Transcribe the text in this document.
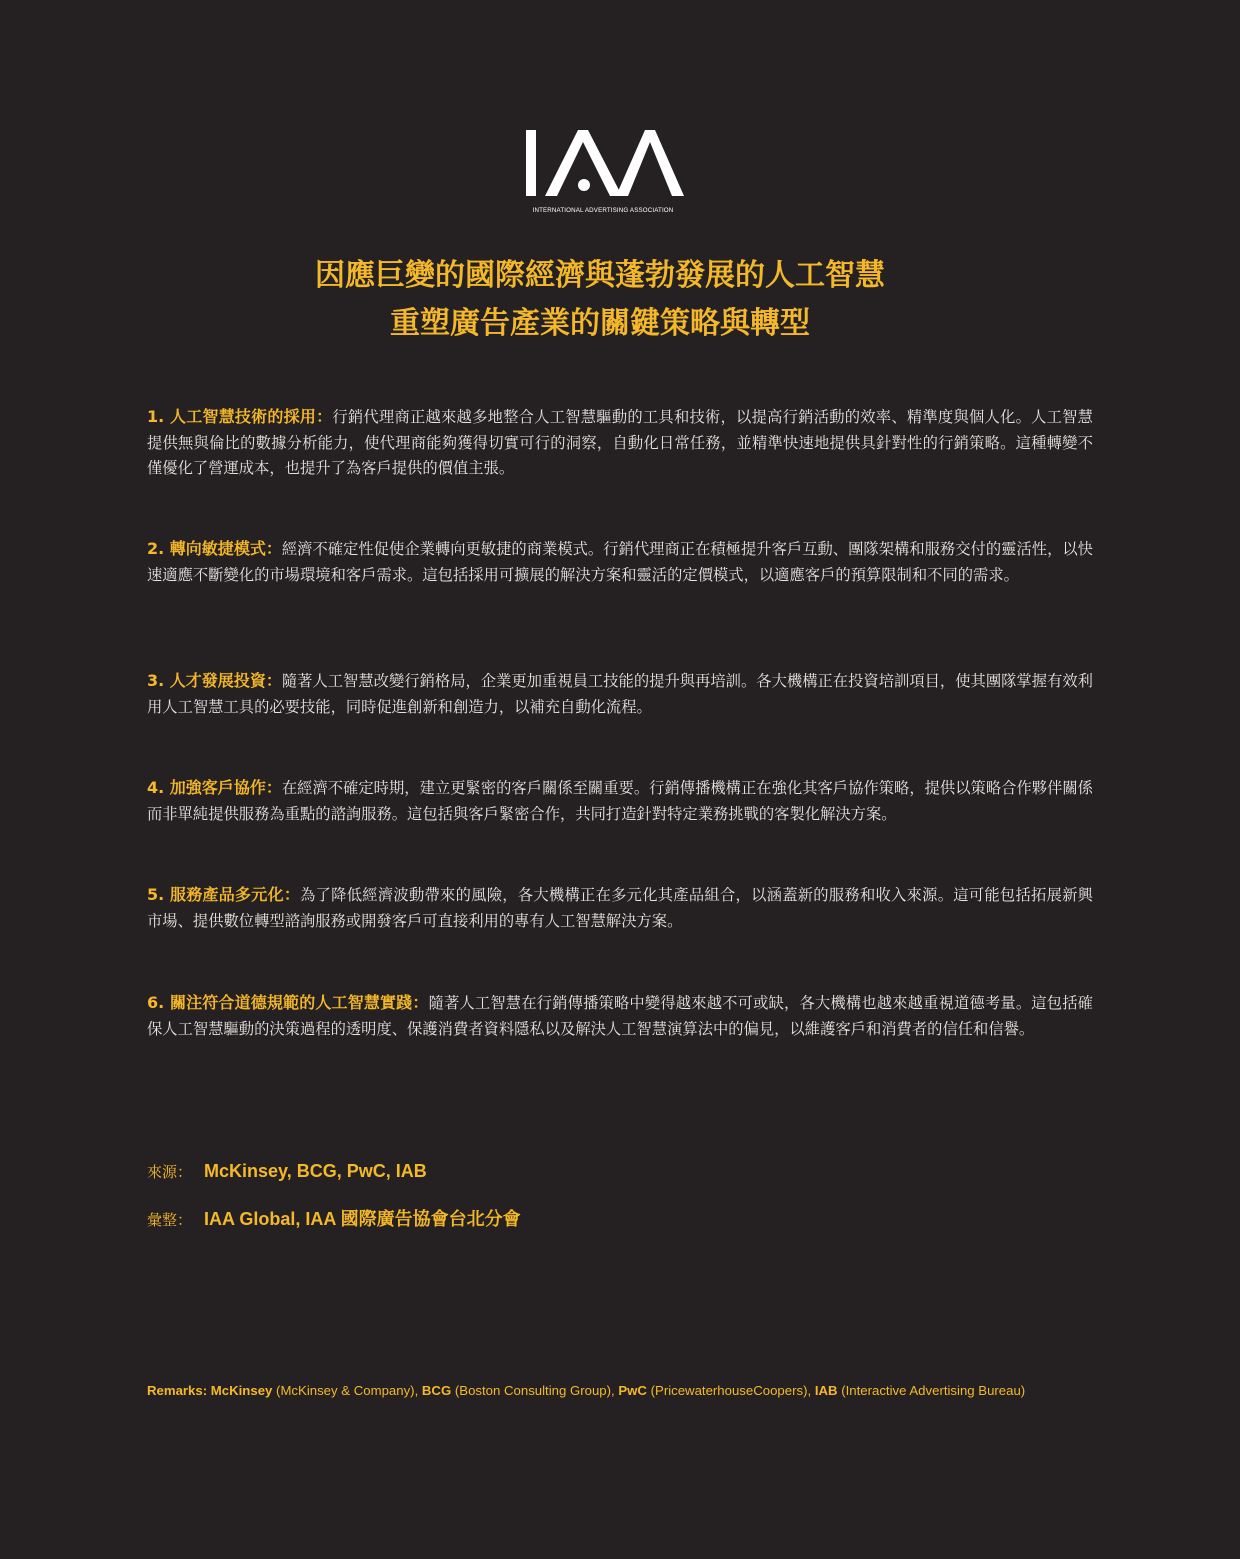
INTERNATIONAL ADVERTISING ASSOCIATION
因應巨變的國際經濟與蓬勃發展的人工智慧
重塑廣告產業的關鍵策略與轉型
1. 人工智慧技術的採用：行銷代理商正越來越多地整合人工智慧驅動的工具和技術，以提高行銷活動的效率、精準度與個人化。人工智慧提供無與倫比的數據分析能力，使代理商能夠獲得切實可行的洞察，自動化日常任務，並精準快速地提供具針對性的行銷策略。這種轉變不僅優化了營運成本，也提升了為客戶提供的價值主張。
2. 轉向敏捷模式：經濟不確定性促使企業轉向更敏捷的商業模式。行銷代理商正在積極提升客戶互動、團隊架構和服務交付的靈活性，以快速適應不斷變化的市場環境和客戶需求。這包括採用可擴展的解決方案和靈活的定價模式，以適應客戶的預算限制和不同的需求。
3. 人才發展投資：隨著人工智慧改變行銷格局，企業更加重視員工技能的提升與再培訓。各大機構正在投資培訓項目，使其團隊掌握有效利用人工智慧工具的必要技能，同時促進創新和創造力，以補充自動化流程。
4. 加強客戶協作：在經濟不確定時期，建立更緊密的客戶關係至關重要。行銷傳播機構正在強化其客戶協作策略，提供以策略合作夥伴關係而非單純提供服務為重點的諮詢服務。這包括與客戶緊密合作，共同打造針對特定業務挑戰的客製化解決方案。
5. 服務產品多元化：為了降低經濟波動帶來的風險，各大機構正在多元化其產品組合，以涵蓋新的服務和收入來源。這可能包括拓展新興市場、提供數位轉型諮詢服務或開發客戶可直接利用的專有人工智慧解決方案。
6. 關注符合道德規範的人工智慧實踐：隨著人工智慧在行銷傳播策略中變得越來越不可或缺，各大機構也越來越重視道德考量。這包括確保人工智慧驅動的決策過程的透明度、保護消費者資料隱私以及解決人工智慧演算法中的偏見，以維護客戶和消費者的信任和信譽。
來源： McKinsey, BCG, PwC, IAB
彙整： IAA Global, IAA 國際廣告協會台北分會
Remarks: McKinsey (McKinsey & Company), BCG (Boston Consulting Group), PwC (PricewaterhouseCoopers), IAB (Interactive Advertising Bureau)
